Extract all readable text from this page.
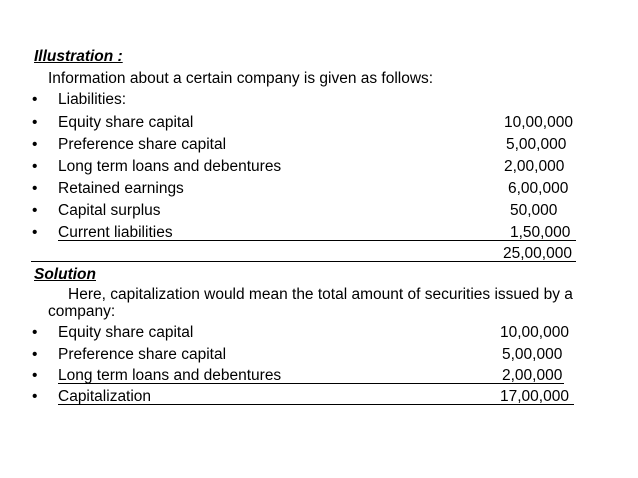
Illustration :
Information about a certain company is given as follows:
• Liabilities:
• Equity share capital	10,00,000
• Preference share capital	5,00,000
• Long term loans and debentures	2,00,000
• Retained earnings	6,00,000
• Capital surplus	50,000
• Current liabilities	1,50,000
25,00,000
Solution
Here, capitalization would mean the total amount of securities issued by a company:
• Equity share capital	10,00,000
• Preference share capital	5,00,000
• Long term loans and debentures	2,00,000
• Capitalization	17,00,000
